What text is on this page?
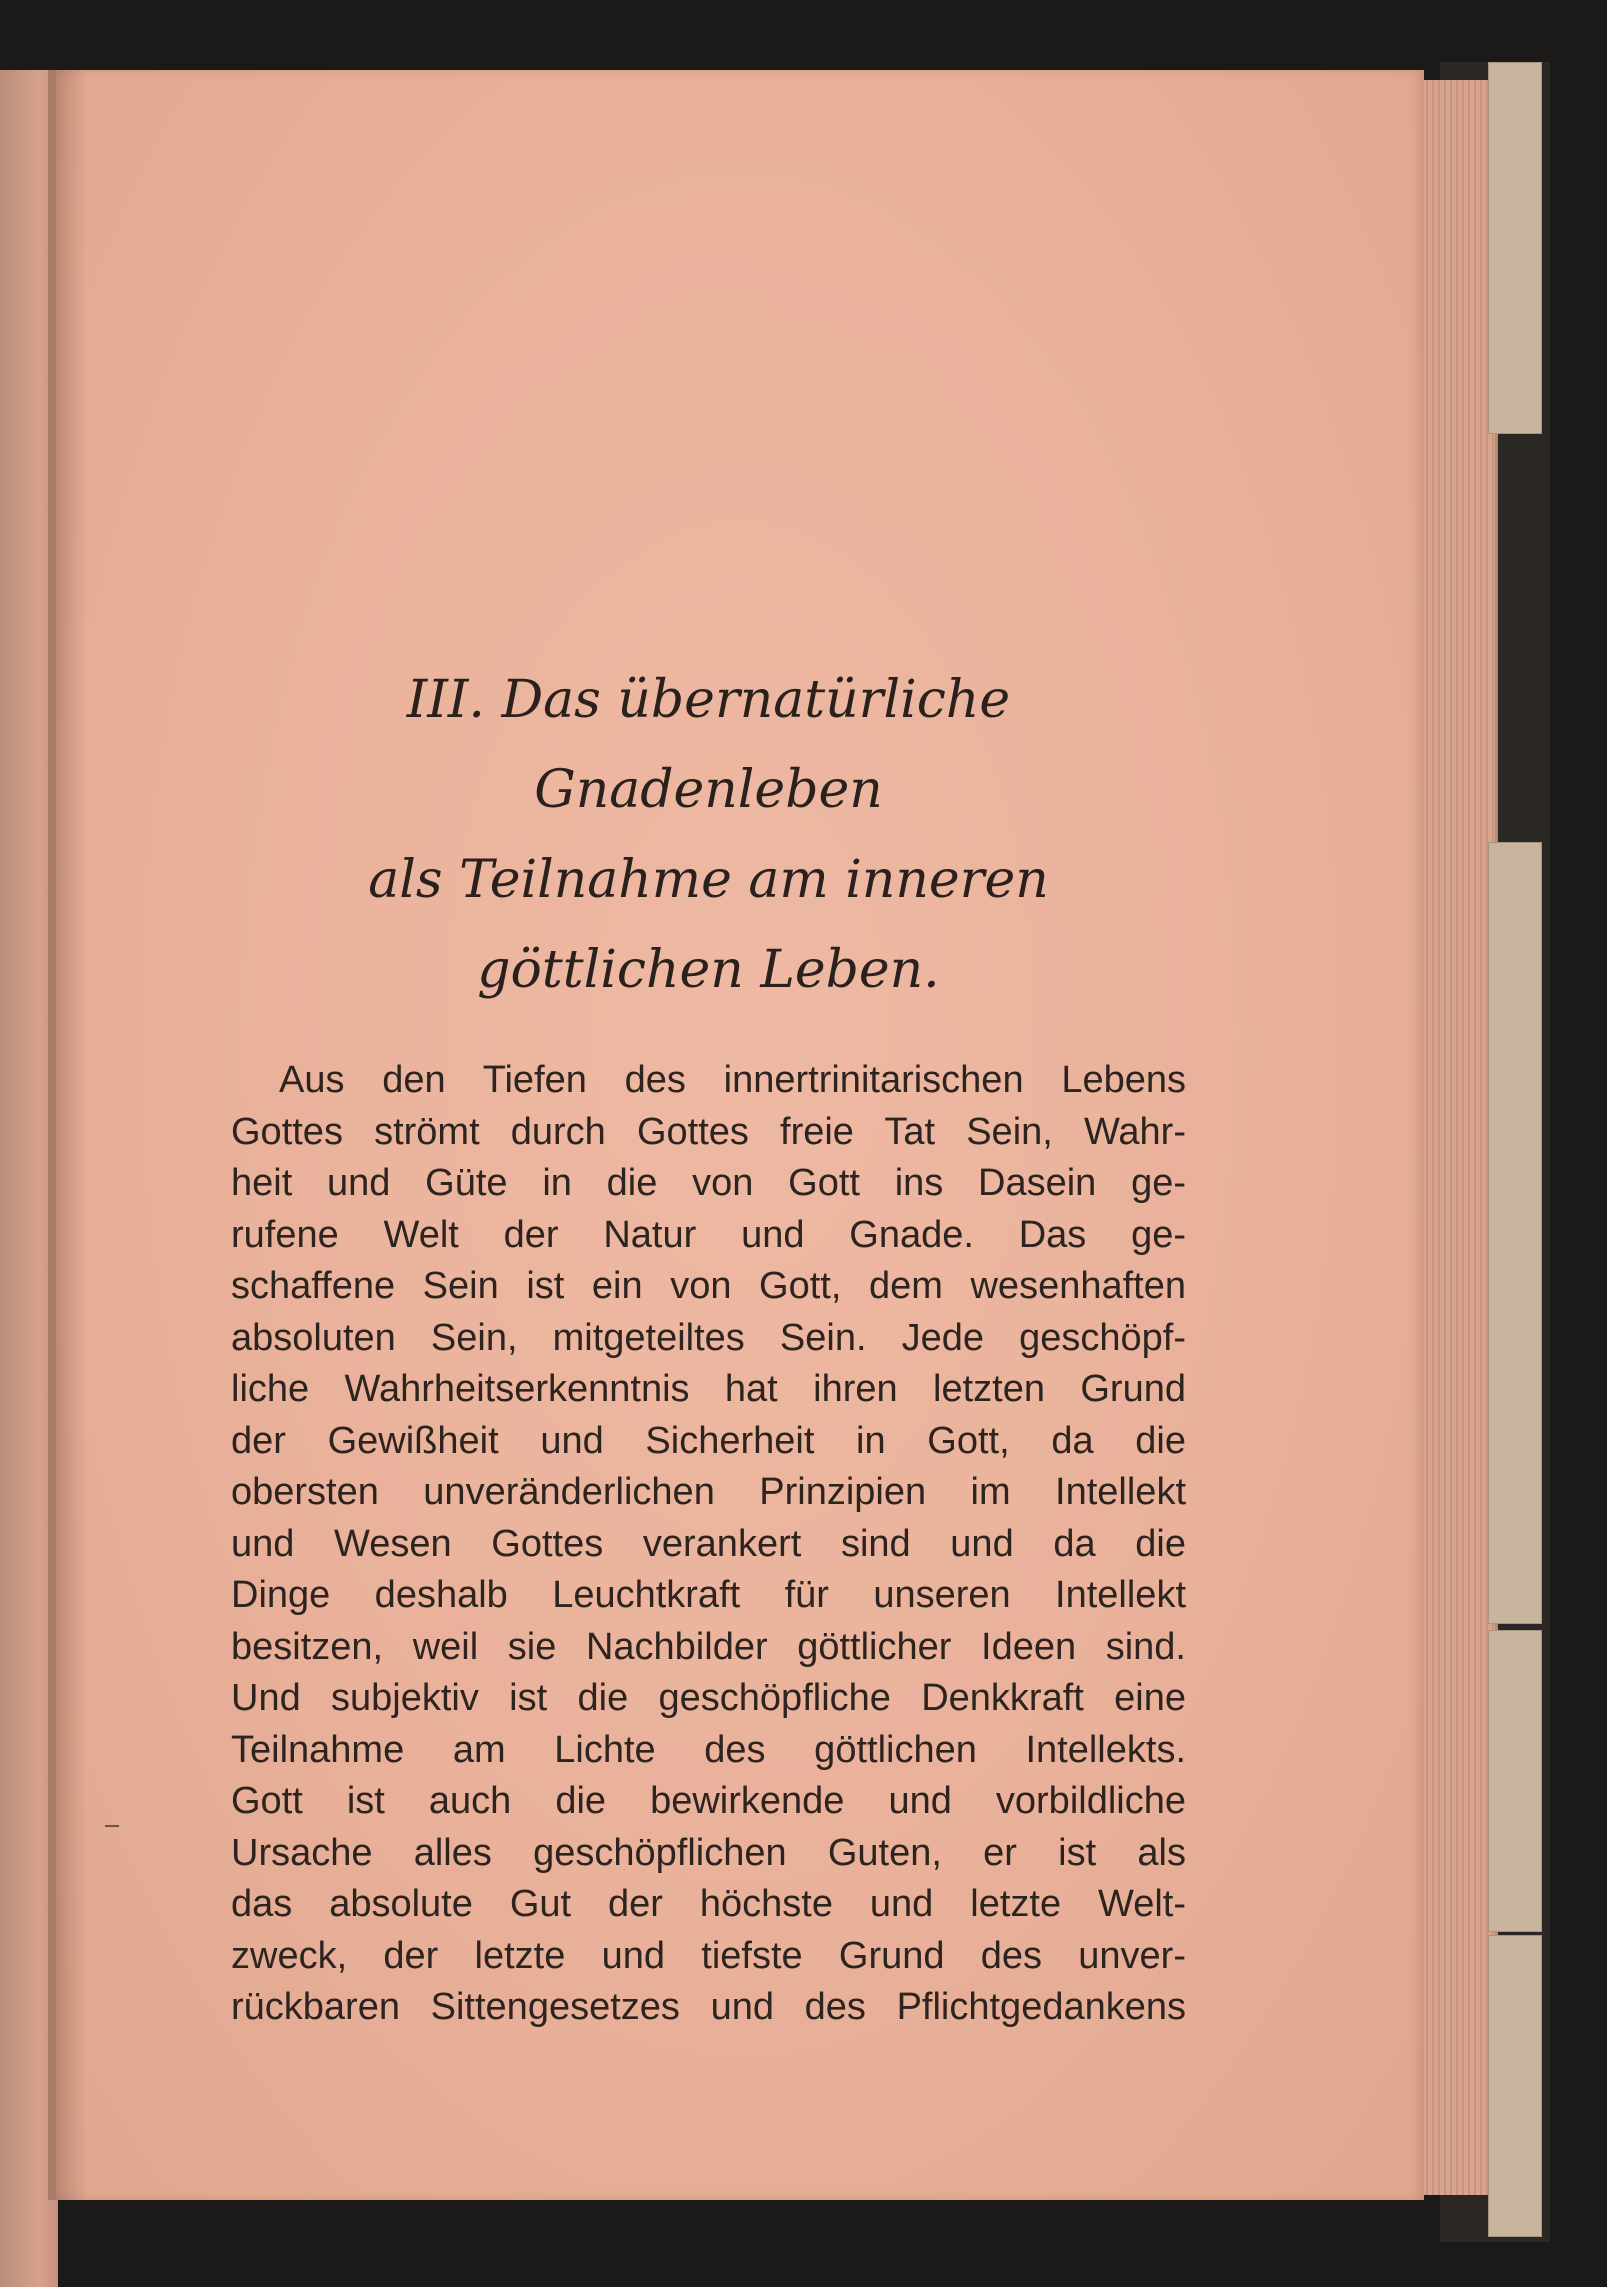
III. Das übernatürliche Gnadenleben
als Teilnahme am inneren
göttlichen Leben.
Aus den Tiefen des innertrinitarischen Lebens
Gottes strömt durch Gottes freie Tat Sein, Wahr-
heit und Güte in die von Gott ins Dasein ge-
rufene Welt der Natur und Gnade. Das ge-
schaffene Sein ist ein von Gott, dem wesenhaften
absoluten Sein, mitgeteiltes Sein. Jede geschöpf-
liche Wahrheitserkenntnis hat ihren letzten Grund
der Gewißheit und Sicherheit in Gott, da die
obersten unveränderlichen Prinzipien im Intellekt
und Wesen Gottes verankert sind und da die
Dinge deshalb Leuchtkraft für unseren Intellekt
besitzen, weil sie Nachbilder göttlicher Ideen sind.
Und subjektiv ist die geschöpfliche Denkkraft eine
Teilnahme am Lichte des göttlichen Intellekts.
Gott ist auch die bewirkende und vorbildliche
Ursache alles geschöpflichen Guten, er ist als
das absolute Gut der höchste und letzte Welt-
zweck, der letzte und tiefste Grund des unver-
rückbaren Sittengesetzes und des Pflichtgedankens
